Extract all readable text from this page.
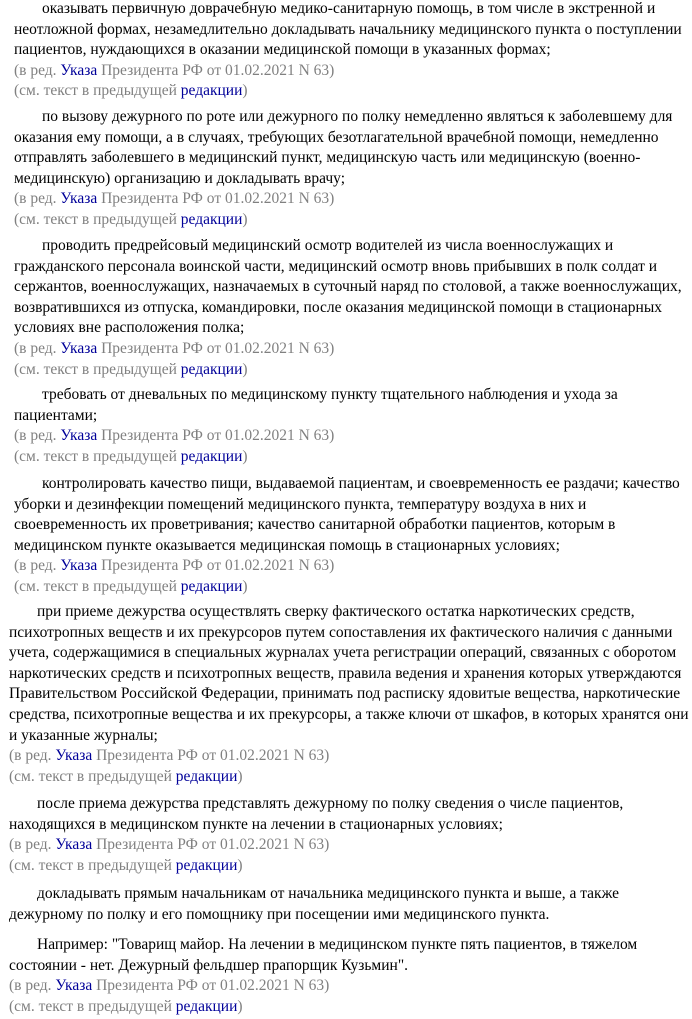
оказывать первичную доврачебную медико-санитарную помощь, в том числе в экстренной и неотложной формах, незамедлительно докладывать начальнику медицинского пункта о поступлении пациентов, нуждающихся в оказании медицинской помощи в указанных формах;

(в ред. Указа Президента РФ от 01.02.2021 N 63)

(см. текст в предыдущей редакции)

по вызову дежурного по роте или дежурного по полку немедленно являться к заболевшему для оказания ему помощи, а в случаях, требующих безотлагательной врачебной помощи, немедленно отправлять заболевшего в медицинский пункт, медицинскую часть или медицинскую (военно-медицинскую) организацию и докладывать врачу;

(в ред. Указа Президента РФ от 01.02.2021 N 63)

(см. текст в предыдущей редакции)

проводить предрейсовый медицинский осмотр водителей из числа военнослужащих и гражданского персонала воинской части, медицинский осмотр вновь прибывших в полк солдат и сержантов, военнослужащих, назначаемых в суточный наряд по столовой, а также военнослужащих, возвратившихся из отпуска, командировки, после оказания медицинской помощи в стационарных условиях вне расположения полка;

(в ред. Указа Президента РФ от 01.02.2021 N 63)

(см. текст в предыдущей редакции)

требовать от дневальных по медицинскому пункту тщательного наблюдения и ухода за пациентами;

(в ред. Указа Президента РФ от 01.02.2021 N 63)

(см. текст в предыдущей редакции)

контролировать качество пищи, выдаваемой пациентам, и своевременность ее раздачи; качество уборки и дезинфекции помещений медицинского пункта, температуру воздуха в них и своевременность их проветривания; качество санитарной обработки пациентов, которым в медицинском пункте оказывается медицинская помощь в стационарных условиях;

(в ред. Указа Президента РФ от 01.02.2021 N 63)

(см. текст в предыдущей редакции)

при приеме дежурства осуществлять сверку фактического остатка наркотических средств, психотропных веществ и их прекурсоров путем сопоставления их фактического наличия с данными учета, содержащимися в специальных журналах учета регистрации операций, связанных с оборотом наркотических средств и психотропных веществ, правила ведения и хранения которых утверждаются Правительством Российской Федерации, принимать под расписку ядовитые вещества, наркотические средства, психотропные вещества и их прекурсоры, а также ключи от шкафов, в которых хранятся они и указанные журналы;

(в ред. Указа Президента РФ от 01.02.2021 N 63)

(см. текст в предыдущей редакции)

после приема дежурства представлять дежурному по полку сведения о числе пациентов, находящихся в медицинском пункте на лечении в стационарных условиях;

(в ред. Указа Президента РФ от 01.02.2021 N 63)

(см. текст в предыдущей редакции)

докладывать прямым начальникам от начальника медицинского пункта и выше, а также дежурному по полку и его помощнику при посещении ими медицинского пункта.

Например: "Товарищ майор. На лечении в медицинском пункте пять пациентов, в тяжелом состоянии - нет. Дежурный фельдшер прапорщик Кузьмин".

(в ред. Указа Президента РФ от 01.02.2021 N 63)

(см. текст в предыдущей редакции)
